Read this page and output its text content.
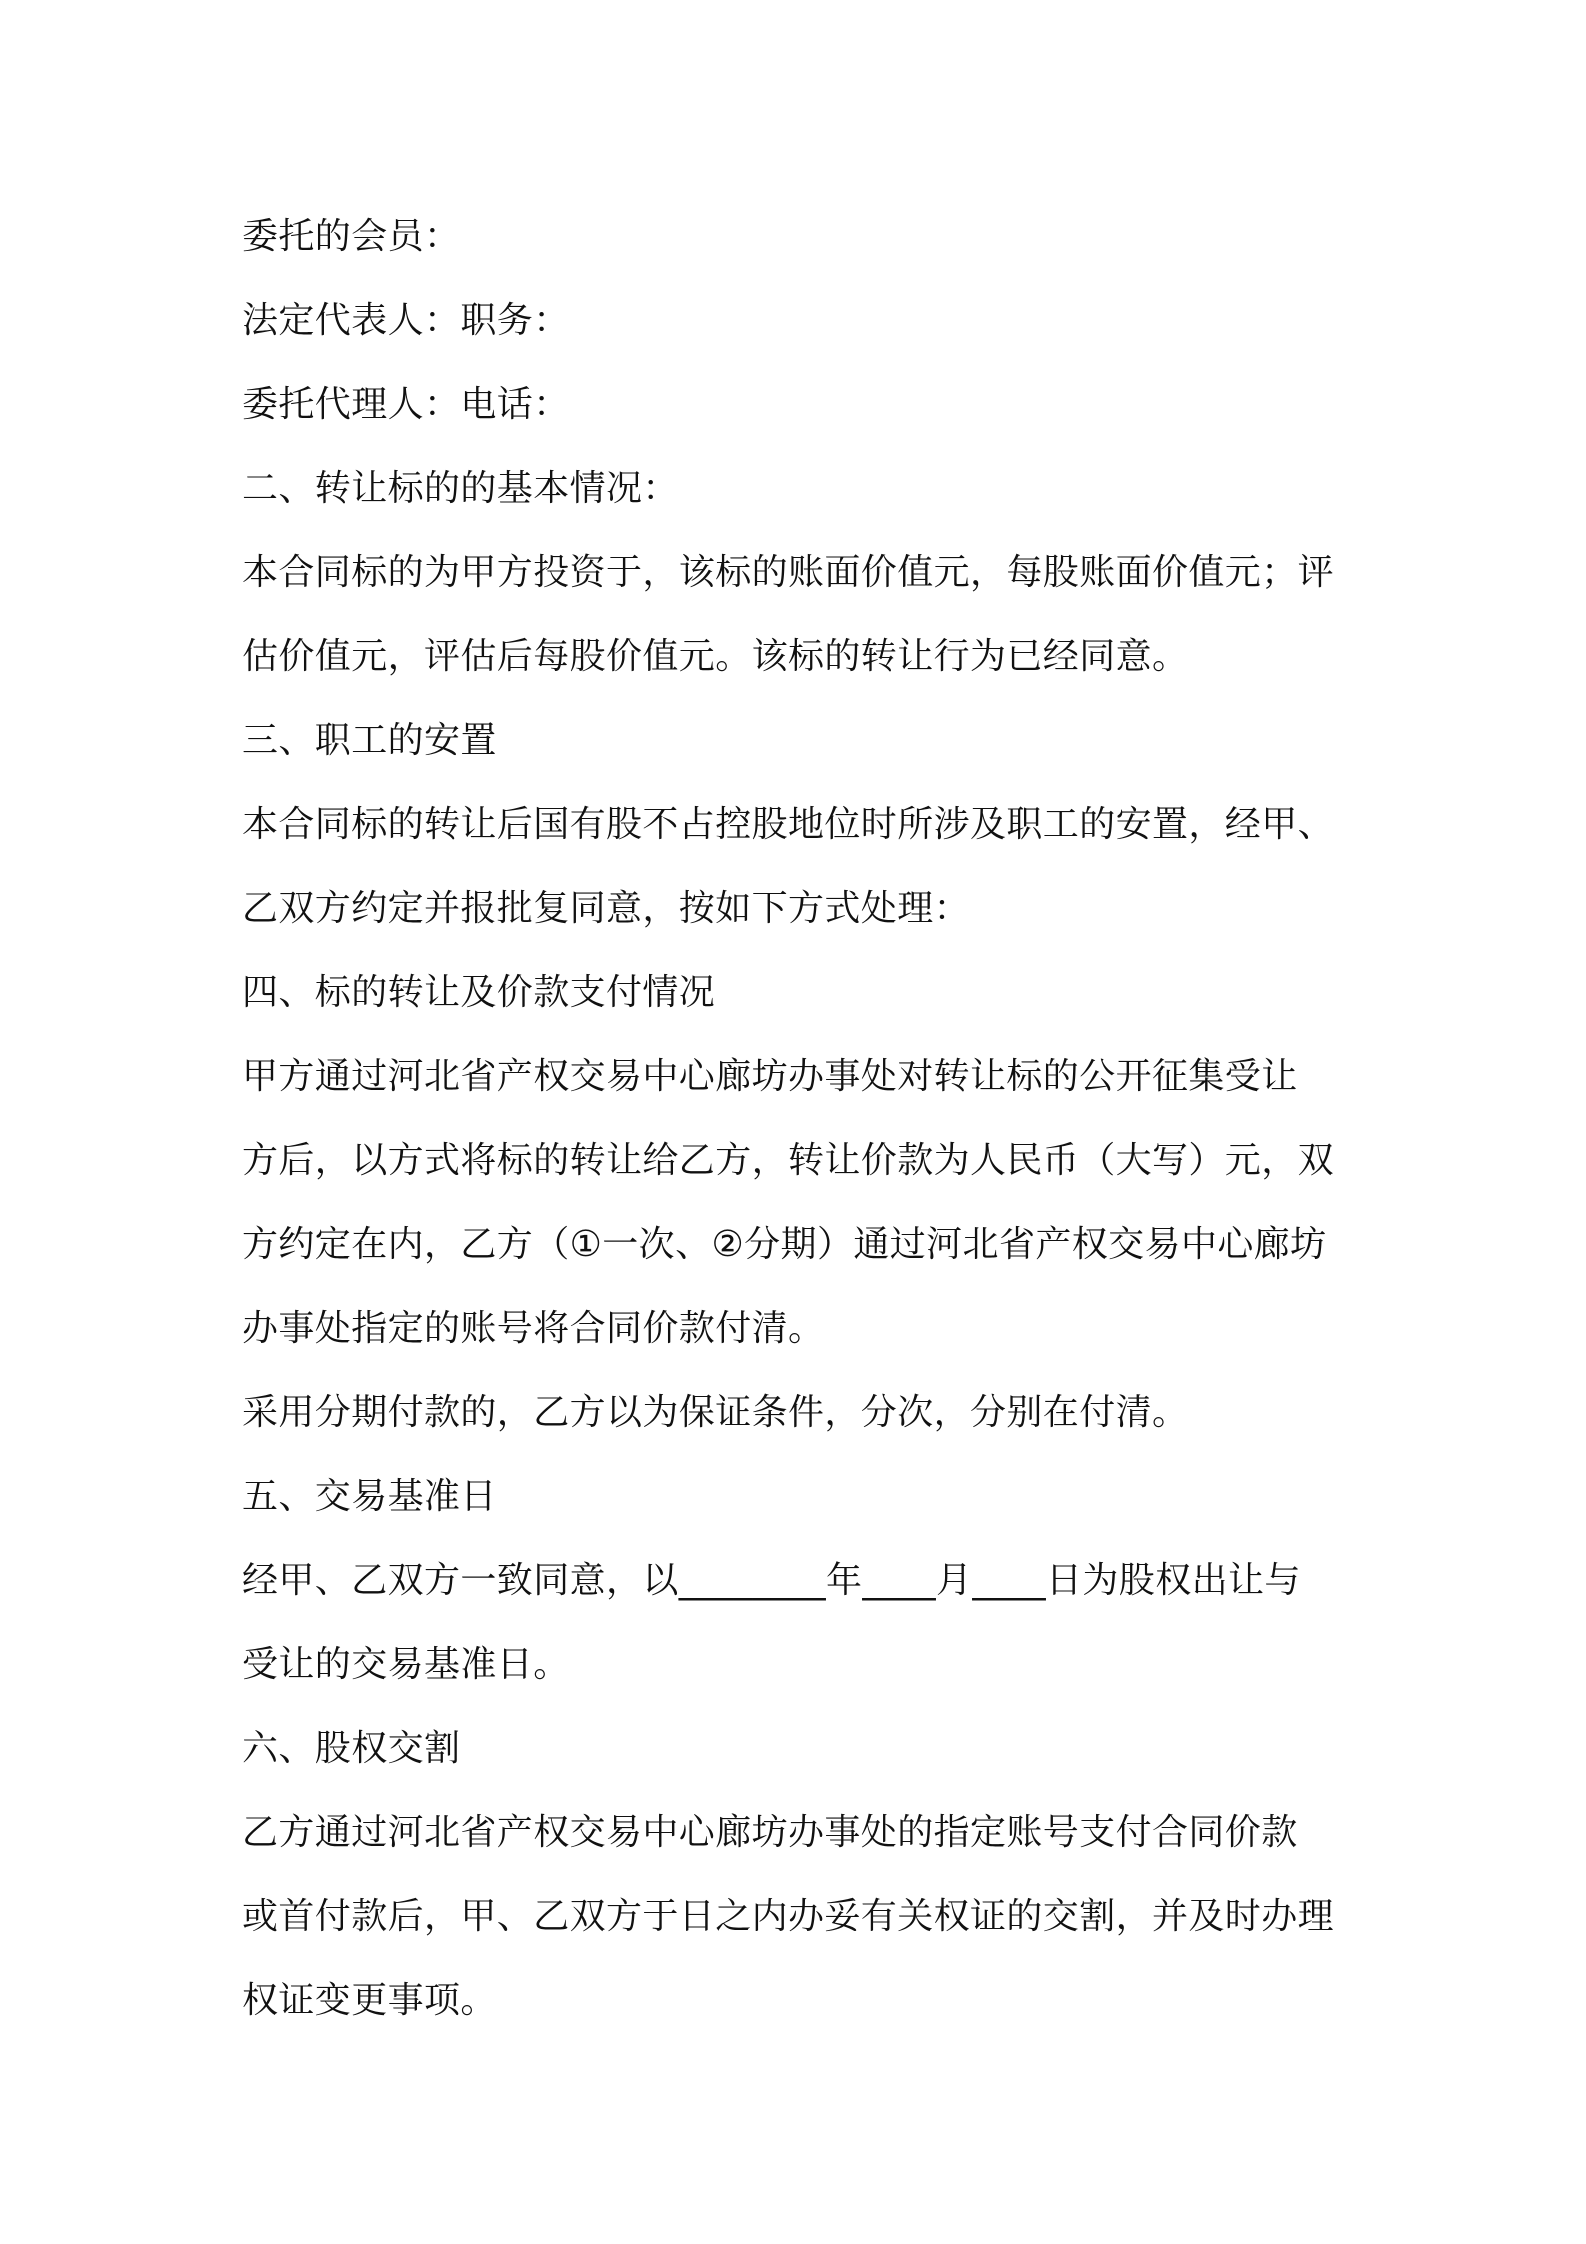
委托的会员：
法定代表人：职务：
委托代理人：电话：
二、转让标的的基本情况：
本合同标的为甲方投资于，该标的账面价值元，每股账面价值元；评
估价值元，评估后每股价值元。该标的转让行为已经同意。
三、职工的安置
本合同标的转让后国有股不占控股地位时所涉及职工的安置，经甲、
乙双方约定并报批复同意，按如下方式处理：
四、标的转让及价款支付情况
甲方通过河北省产权交易中心廊坊办事处对转让标的公开征集受让
方后，以方式将标的转让给乙方，转让价款为人民币（大写）元，双
方约定在内，乙方（①一次、②分期）通过河北省产权交易中心廊坊
办事处指定的账号将合同价款付清。
采用分期付款的，乙方以为保证条件，分次，分别在付清。
五、交易基准日
经甲、乙双方一致同意，以________年____月____日为股权出让与
受让的交易基准日。
六、股权交割
乙方通过河北省产权交易中心廊坊办事处的指定账号支付合同价款
或首付款后，甲、乙双方于日之内办妥有关权证的交割，并及时办理
权证变更事项。
